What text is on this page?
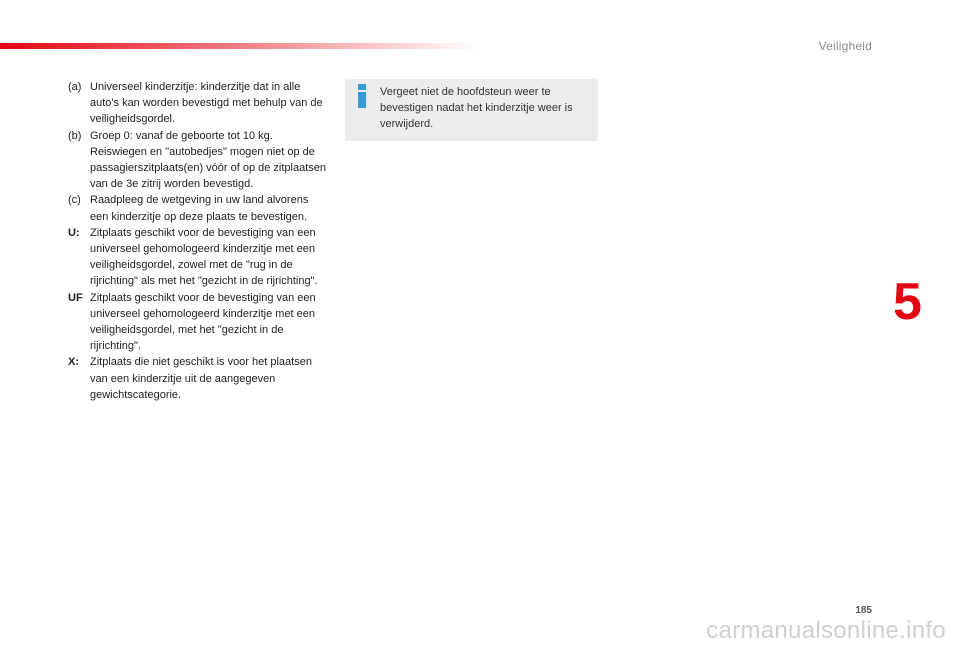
Veiligheid
5
(a) Universeel kinderzitje: kinderzitje dat in alle auto's kan worden bevestigd met behulp van de veiligheidsgordel.
(b) Groep 0: vanaf de geboorte tot 10 kg. Reiswiegen en "autobedjes" mogen niet op de passagierszitplaats(en) vóór of op de zitplaatsen van de 3e zitrij worden bevestigd.
(c) Raadpleeg de wetgeving in uw land alvorens een kinderzitje op deze plaats te bevestigen.
U: Zitplaats geschikt voor de bevestiging van een universeel gehomologeerd kinderzitje met een veiligheidsgordel, zowel met de "rug in de rijrichting" als met het "gezicht in de rijrichting".
UF Zitplaats geschikt voor de bevestiging van een universeel gehomologeerd kinderzitje met een veiligheidsgordel, met het "gezicht in de rijrichting".
X:	Zitplaats die niet geschikt is voor het plaatsen van een kinderzitje uit de aangegeven gewichtscategorie.
Vergeet niet de hoofdsteun weer te bevestigen nadat het kinderzitje weer is verwijderd.
185
carmanualsonline.info
